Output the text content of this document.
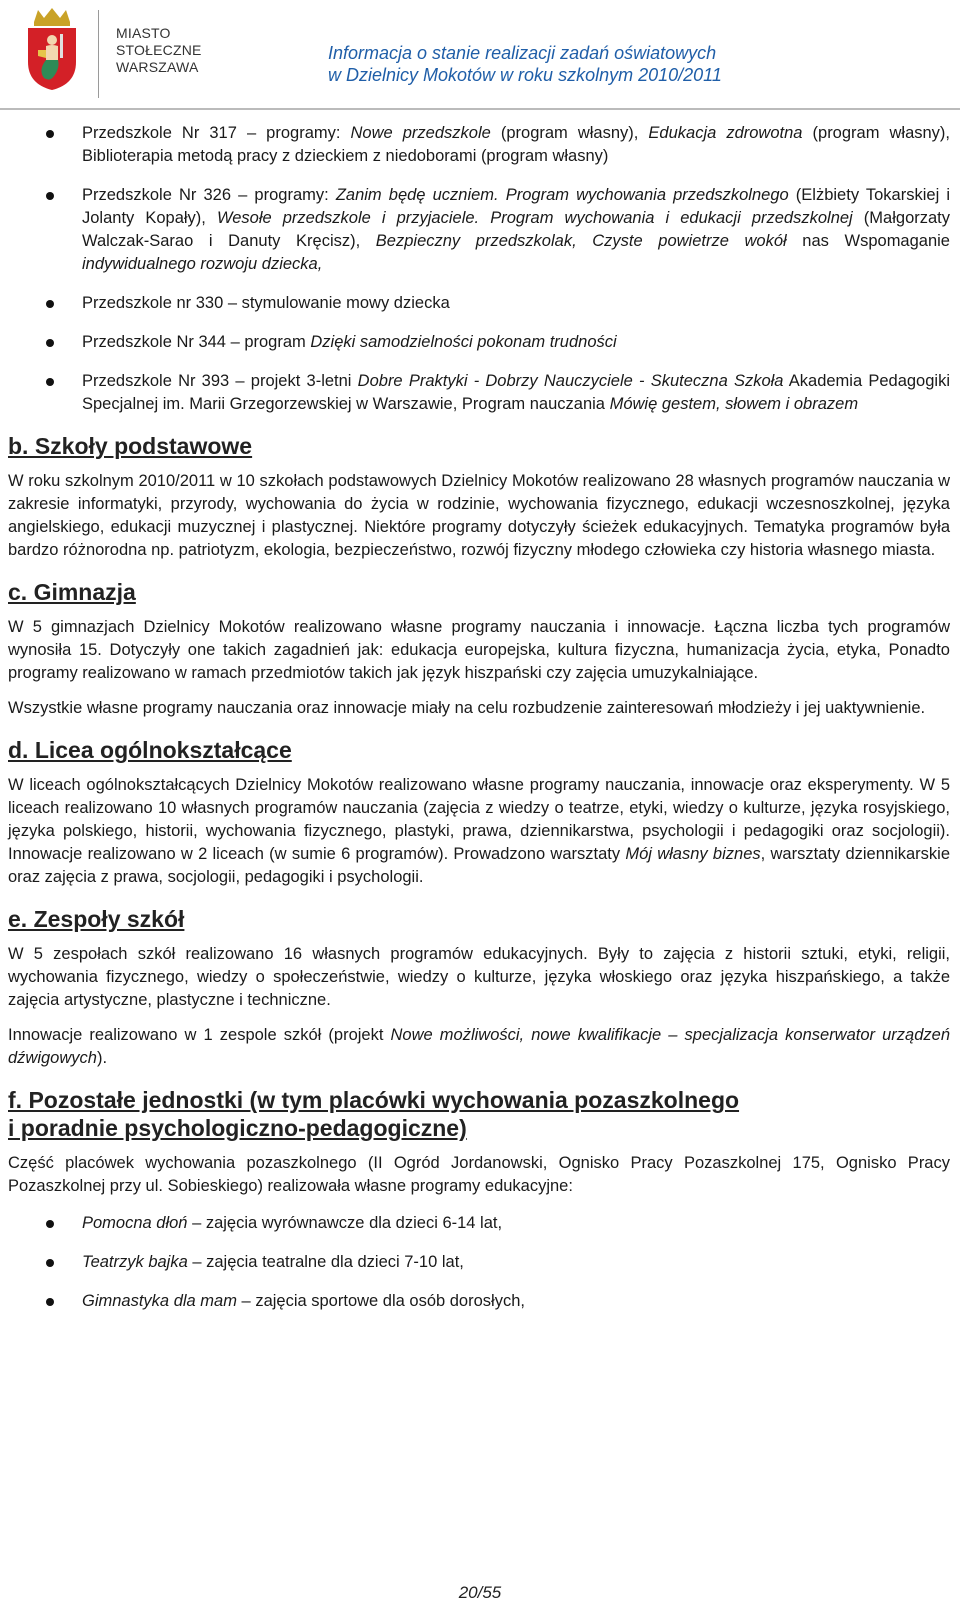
MIASTO
STOŁECZNE
WARSZAWA
Informacja o stanie realizacji zadań oświatowych
w Dzielnicy Mokotów w roku szkolnym 2010/2011
Przedszkole Nr 317 – programy: Nowe przedszkole (program własny), Edukacja zdrowotna (program własny), Biblioterapia metodą pracy z dzieckiem z niedoborami (program własny)
Przedszkole Nr 326 – programy: Zanim będę uczniem. Program wychowania przedszkolnego (Elżbiety Tokarskiej i Jolanty Kopały), Wesołe przedszkole i przyjaciele. Program wychowania i edukacji przedszkolnej (Małgorzaty Walczak-Sarao i Danuty Kręcisz), Bezpieczny przedszkolak, Czyste powietrze wokół nas Wspomaganie indywidualnego rozwoju dziecka,
Przedszkole nr 330 – stymulowanie mowy dziecka
Przedszkole Nr 344 – program Dzięki samodzielności pokonam trudności
Przedszkole Nr 393 – projekt 3-letni Dobre Praktyki - Dobrzy Nauczyciele - Skuteczna Szkoła Akademia Pedagogiki Specjalnej im. Marii Grzegorzewskiej w Warszawie, Program nauczania Mówię gestem, słowem i obrazem
b. Szkoły podstawowe

W roku szkolnym 2010/2011 w 10 szkołach podstawowych Dzielnicy Mokotów realizowano 28 własnych programów nauczania w zakresie informatyki, przyrody, wychowania do życia w rodzinie, wychowania fizycznego, edukacji wczesnoszkolnej, języka angielskiego, edukacji muzycznej i plastycznej. Niektóre programy dotyczyły ścieżek edukacyjnych. Tematyka programów była bardzo różnorodna np. patriotyzm, ekologia, bezpieczeństwo, rozwój fizyczny młodego człowieka czy historia własnego miasta.

c. Gimnazja

W 5 gimnazjach Dzielnicy Mokotów realizowano własne programy nauczania i innowacje. Łączna liczba tych programów wynosiła 15. Dotyczyły one takich zagadnień jak: edukacja europejska, kultura fizyczna, humanizacja życia, etyka, Ponadto programy realizowano w ramach przedmiotów takich jak język hiszpański czy zajęcia umuzykalniające.

Wszystkie własne programy nauczania oraz innowacje miały na celu rozbudzenie zainteresowań młodzieży i jej uaktywnienie.

d. Licea ogólnokształcące

W liceach ogólnokształcących Dzielnicy Mokotów realizowano własne programy nauczania, innowacje oraz eksperymenty. W 5 liceach realizowano 10 własnych programów nauczania (zajęcia z wiedzy o teatrze, etyki, wiedzy o kulturze, języka rosyjskiego, języka polskiego, historii, wychowania fizycznego, plastyki, prawa, dziennikarstwa, psychologii i pedagogiki oraz socjologii). Innowacje realizowano w 2 liceach (w sumie 6 programów). Prowadzono warsztaty Mój własny biznes, warsztaty dziennikarskie oraz zajęcia z prawa, socjologii, pedagogiki i psychologii.

e. Zespoły szkół

W 5 zespołach szkół realizowano 16 własnych programów edukacyjnych. Były to zajęcia z historii sztuki, etyki, religii, wychowania fizycznego, wiedzy o społeczeństwie, wiedzy o kulturze, języka włoskiego oraz języka hiszpańskiego, a także zajęcia artystyczne, plastyczne i techniczne.

Innowacje realizowano w 1 zespole szkół (projekt Nowe możliwości, nowe kwalifikacje – specjalizacja konserwator urządzeń dźwigowych).

f. Pozostałe jednostki (w tym placówki wychowania pozaszkolnego
i poradnie psychologiczno-pedagogiczne)

Część placówek wychowania pozaszkolnego (II Ogród Jordanowski, Ognisko Pracy Pozaszkolnej 175, Ognisko Pracy Pozaszkolnej przy ul. Sobieskiego) realizowała własne programy edukacyjne:

Pomocna dłoń – zajęcia wyrównawcze dla dzieci 6-14 lat,
Teatrzyk bajka – zajęcia teatralne dla dzieci 7-10 lat,
Gimnastyka dla mam – zajęcia sportowe dla osób dorosłych,
20/55
